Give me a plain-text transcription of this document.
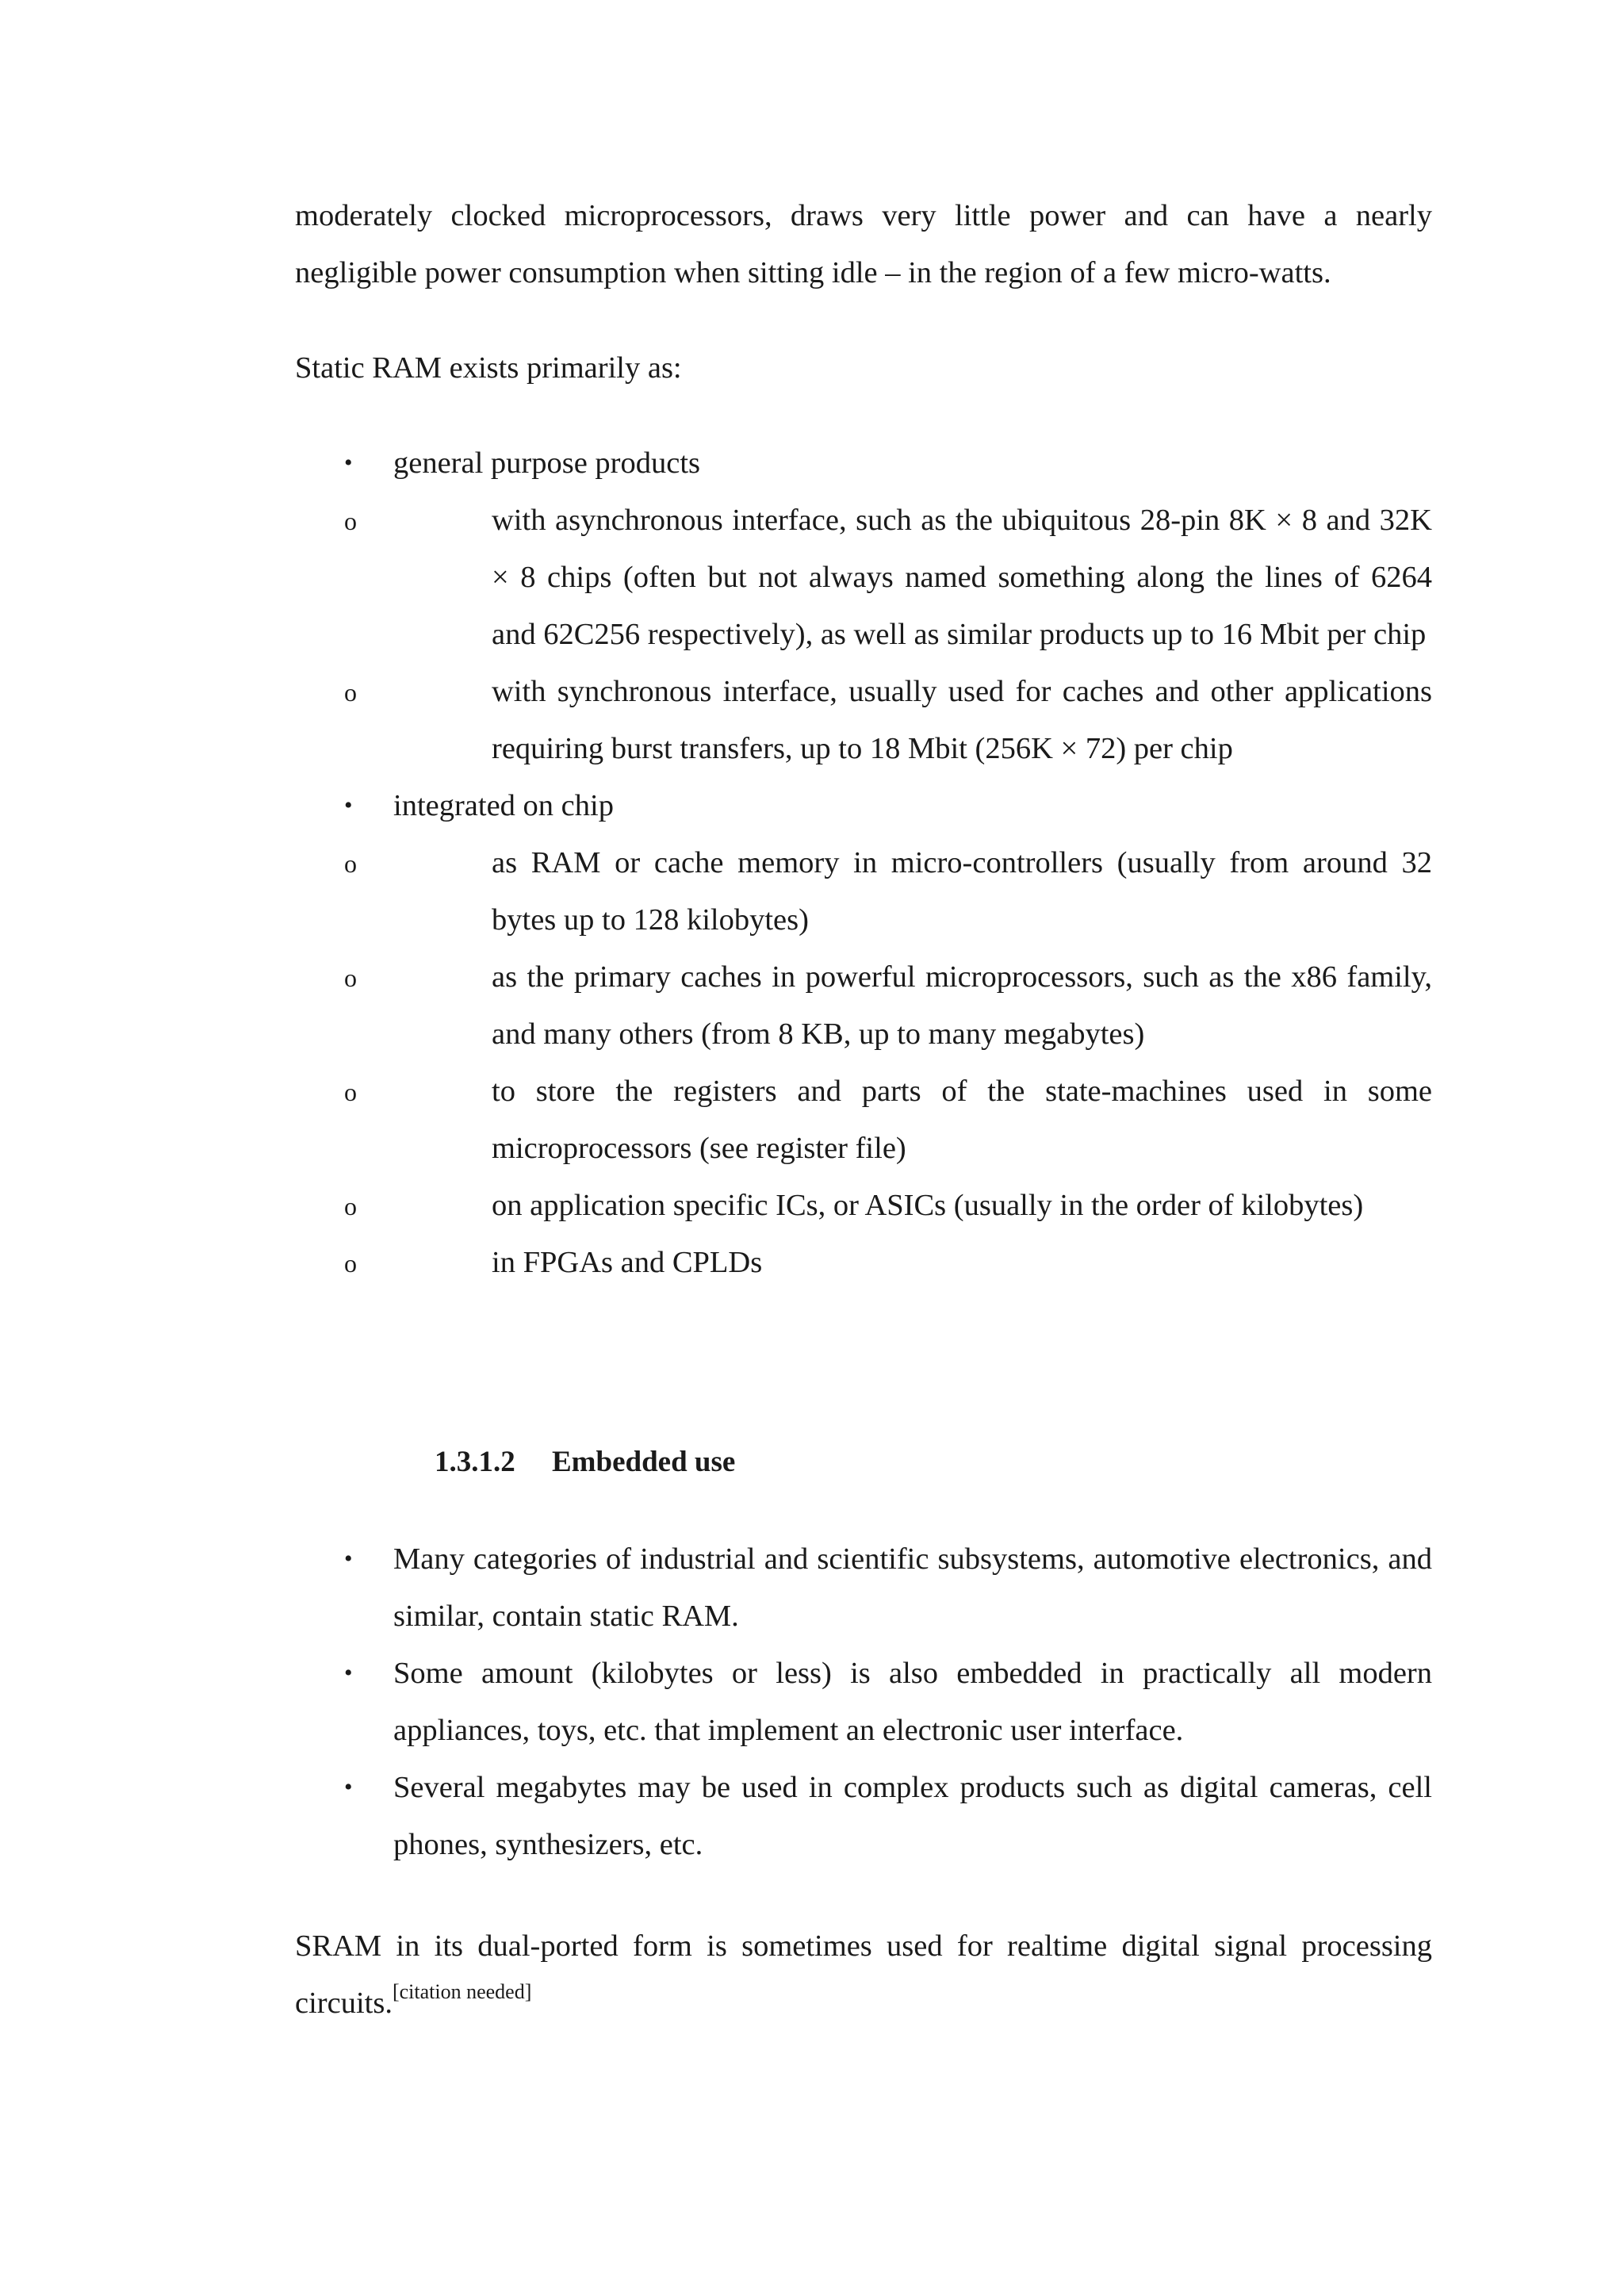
moderately clocked microprocessors, draws very little power and can have a nearly negligible power consumption when sitting idle – in the region of a few micro-watts.

Static RAM exists primarily as:

• general purpose products
o	with asynchronous interface, such as the ubiquitous 28-pin 8K × 8 and 32K × 8 chips (often but not always named something along the lines of 6264 and 62C256 respectively), as well as similar products up to 16 Mbit per chip
o	with synchronous interface, usually used for caches and other applications requiring burst transfers, up to 18 Mbit (256K × 72) per chip
• integrated on chip
o	as RAM or cache memory in micro-controllers (usually from around 32 bytes up to 128 kilobytes)
o	as the primary caches in powerful microprocessors, such as the x86 family, and many others (from 8 KB, up to many megabytes)
o	to store the registers and parts of the state-machines used in some microprocessors (see register file)
o	on application specific ICs, or ASICs (usually in the order of kilobytes)
o	in FPGAs and CPLDs
1.3.1.2 Embedded use
• Many categories of industrial and scientific subsystems, automotive electronics, and similar, contain static RAM.
• Some amount (kilobytes or less) is also embedded in practically all modern appliances, toys, etc. that implement an electronic user interface.
• Several megabytes may be used in complex products such as digital cameras, cell phones, synthesizers, etc.

SRAM in its dual-ported form is sometimes used for realtime digital signal processing circuits.[citation needed]
